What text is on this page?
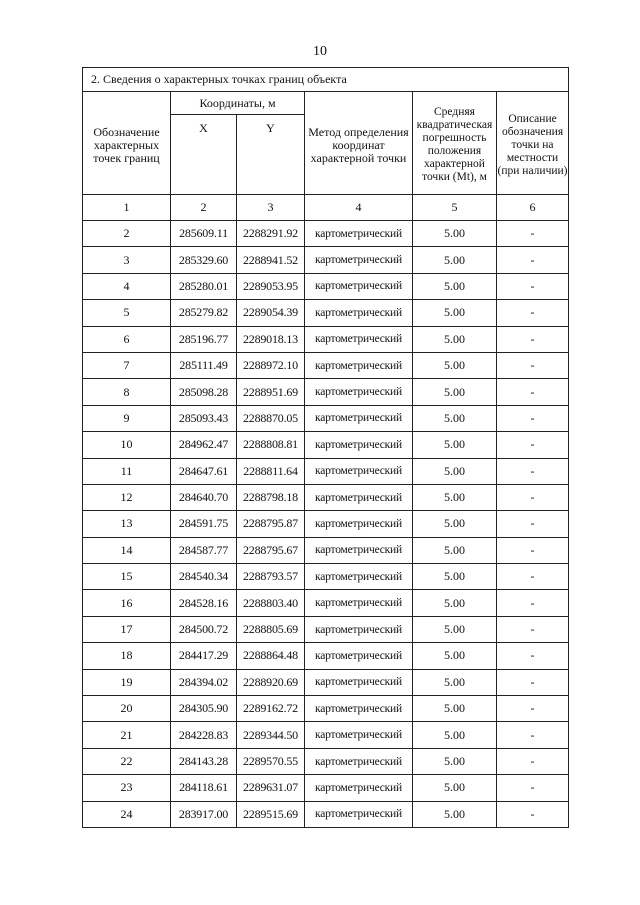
10
2. Сведения о характерных точках границ объекта					
Обозначение характерных точек границ	Координаты, м		Метод определения координат характерной точки	Средняя квадратическая погрешность положения характерной точки (Mt), м	Описание обозначения точки на местности (при наличии)
	X	Y			
1	2	3	4	5	6
2	285609.11	2288291.92	картометрический	5.00	-
3	285329.60	2288941.52	картометрический	5.00	-
4	285280.01	2289053.95	картометрический	5.00	-
5	285279.82	2289054.39	картометрический	5.00	-
6	285196.77	2289018.13	картометрический	5.00	-
7	285111.49	2288972.10	картометрический	5.00	-
8	285098.28	2288951.69	картометрический	5.00	-
9	285093.43	2288870.05	картометрический	5.00	-
10	284962.47	2288808.81	картометрический	5.00	-
11	284647.61	2288811.64	картометрический	5.00	-
12	284640.70	2288798.18	картометрический	5.00	-
13	284591.75	2288795.87	картометрический	5.00	-
14	284587.77	2288795.67	картометрический	5.00	-
15	284540.34	2288793.57	картометрический	5.00	-
16	284528.16	2288803.40	картометрический	5.00	-
17	284500.72	2288805.69	картометрический	5.00	-
18	284417.29	2288864.48	картометрический	5.00	-
19	284394.02	2288920.69	картометрический	5.00	-
20	284305.90	2289162.72	картометрический	5.00	-
21	284228.83	2289344.50	картометрический	5.00	-
22	284143.28	2289570.55	картометрический	5.00	-
23	284118.61	2289631.07	картометрический	5.00	-
24	283917.00	2289515.69	картометрический	5.00	-
